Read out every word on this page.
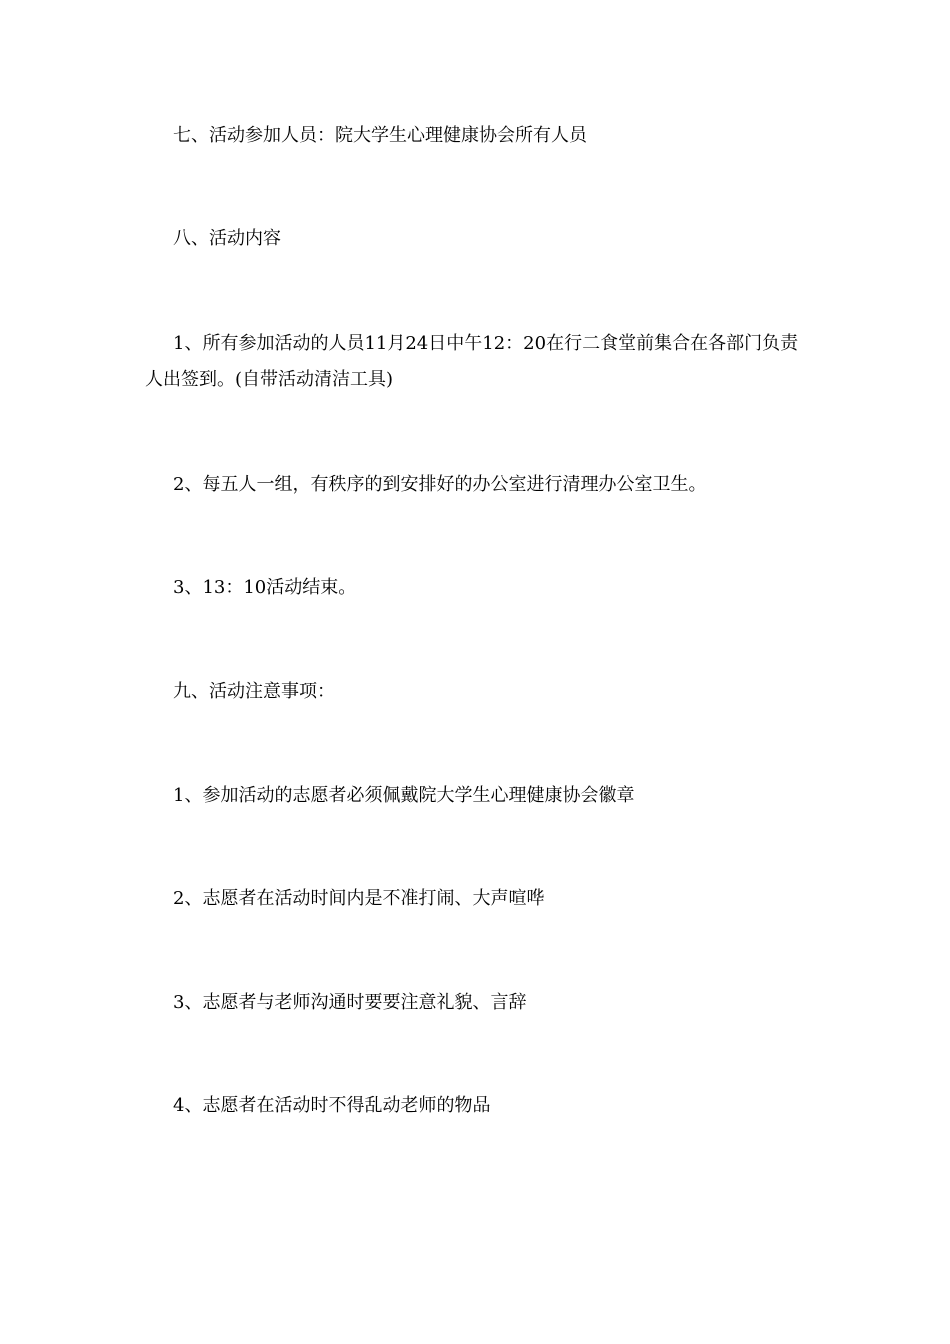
七、活动参加人员：院大学生心理健康协会所有人员

八、活动内容

1、所有参加活动的人员11月24日中午12：20在行二食堂前集合在各部门负责人出签到。(自带活动清洁工具)

2、每五人一组，有秩序的到安排好的办公室进行清理办公室卫生。

3、13：10活动结束。

九、活动注意事项：

1、参加活动的志愿者必须佩戴院大学生心理健康协会徽章

2、志愿者在活动时间内是不准打闹、大声喧哗

3、志愿者与老师沟通时要要注意礼貌、言辞

4、志愿者在活动时不得乱动老师的物品
